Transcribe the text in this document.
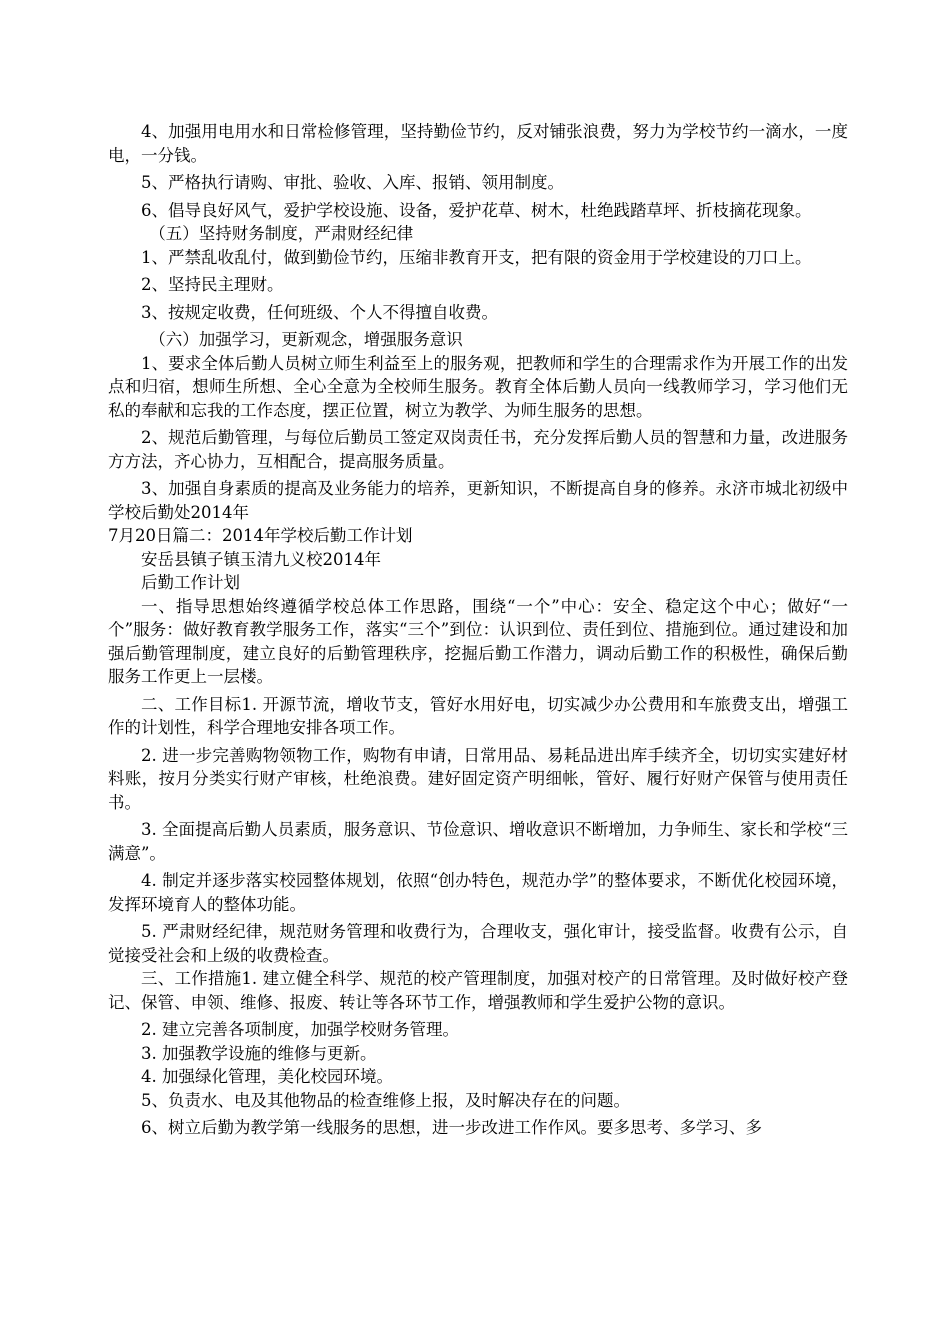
4、加强用电用水和日常检修管理，坚持勤俭节约，反对铺张浪费，努力为学校节约一滴水，一度电，一分钱。

5、严格执行请购、审批、验收、入库、报销、领用制度。

6、倡导良好风气，爱护学校设施、设备，爱护花草、树木，杜绝践踏草坪、折枝摘花现象。

（五）坚持财务制度，严肃财经纪律

1、严禁乱收乱付，做到勤俭节约，压缩非教育开支，把有限的资金用于学校建设的刀口上。

2、坚持民主理财。

3、按规定收费，任何班级、个人不得擅自收费。

（六）加强学习，更新观念，增强服务意识

1、要求全体后勤人员树立师生利益至上的服务观，把教师和学生的合理需求作为开展工作的出发点和归宿，想师生所想、全心全意为全校师生服务。教育全体后勤人员向一线教师学习，学习他们无私的奉献和忘我的工作态度，摆正位置，树立为教学、为师生服务的思想。

2、规范后勤管理，与每位后勤员工签定双岗责任书，充分发挥后勤人员的智慧和力量，改进服务方方法，齐心协力，互相配合，提高服务质量。

3、加强自身素质的提高及业务能力的培养，更新知识，不断提高自身的修养。永济市城北初级中学校后勤处2014年

7月20日篇二：2014年学校后勤工作计划

安岳县镇子镇玉清九义校2014年

后勤工作计划

一、指导思想始终遵循学校总体工作思路，围绕“一个”中心：安全、稳定这个中心；做好“一个”服务：做好教育教学服务工作，落实“三个”到位：认识到位、责任到位、措施到位。通过建设和加强后勤管理制度，建立良好的后勤管理秩序，挖掘后勤工作潜力，调动后勤工作的积极性，确保后勤服务工作更上一层楼。

二、工作目标1. 开源节流，增收节支，管好水用好电，切实减少办公费用和车旅费支出，增强工作的计划性，科学合理地安排各项工作。

2. 进一步完善购物领物工作，购物有申请，日常用品、易耗品进出库手续齐全，切切实实建好材料账，按月分类实行财产审核，杜绝浪费。建好固定资产明细帐，管好、履行好财产保管与使用责任书。

3. 全面提高后勤人员素质，服务意识、节俭意识、增收意识不断增加，力争师生、家长和学校“三满意”。

4. 制定并逐步落实校园整体规划，依照“创办特色，规范办学”的整体要求，不断优化校园环境，发挥环境育人的整体功能。

5. 严肃财经纪律，规范财务管理和收费行为，合理收支，强化审计，接受监督。收费有公示，自觉接受社会和上级的收费检查。

三、工作措施1. 建立健全科学、规范的校产管理制度，加强对校产的日常管理。及时做好校产登记、保管、申领、维修、报废、转让等各环节工作，增强教师和学生爱护公物的意识。

2. 建立完善各项制度，加强学校财务管理。

3. 加强教学设施的维修与更新。

4. 加强绿化管理，美化校园环境。

5、负责水、电及其他物品的检查维修上报，及时解决存在的问题。

6、树立后勤为教学第一线服务的思想，进一步改进工作作风。要多思考、多学习、多
